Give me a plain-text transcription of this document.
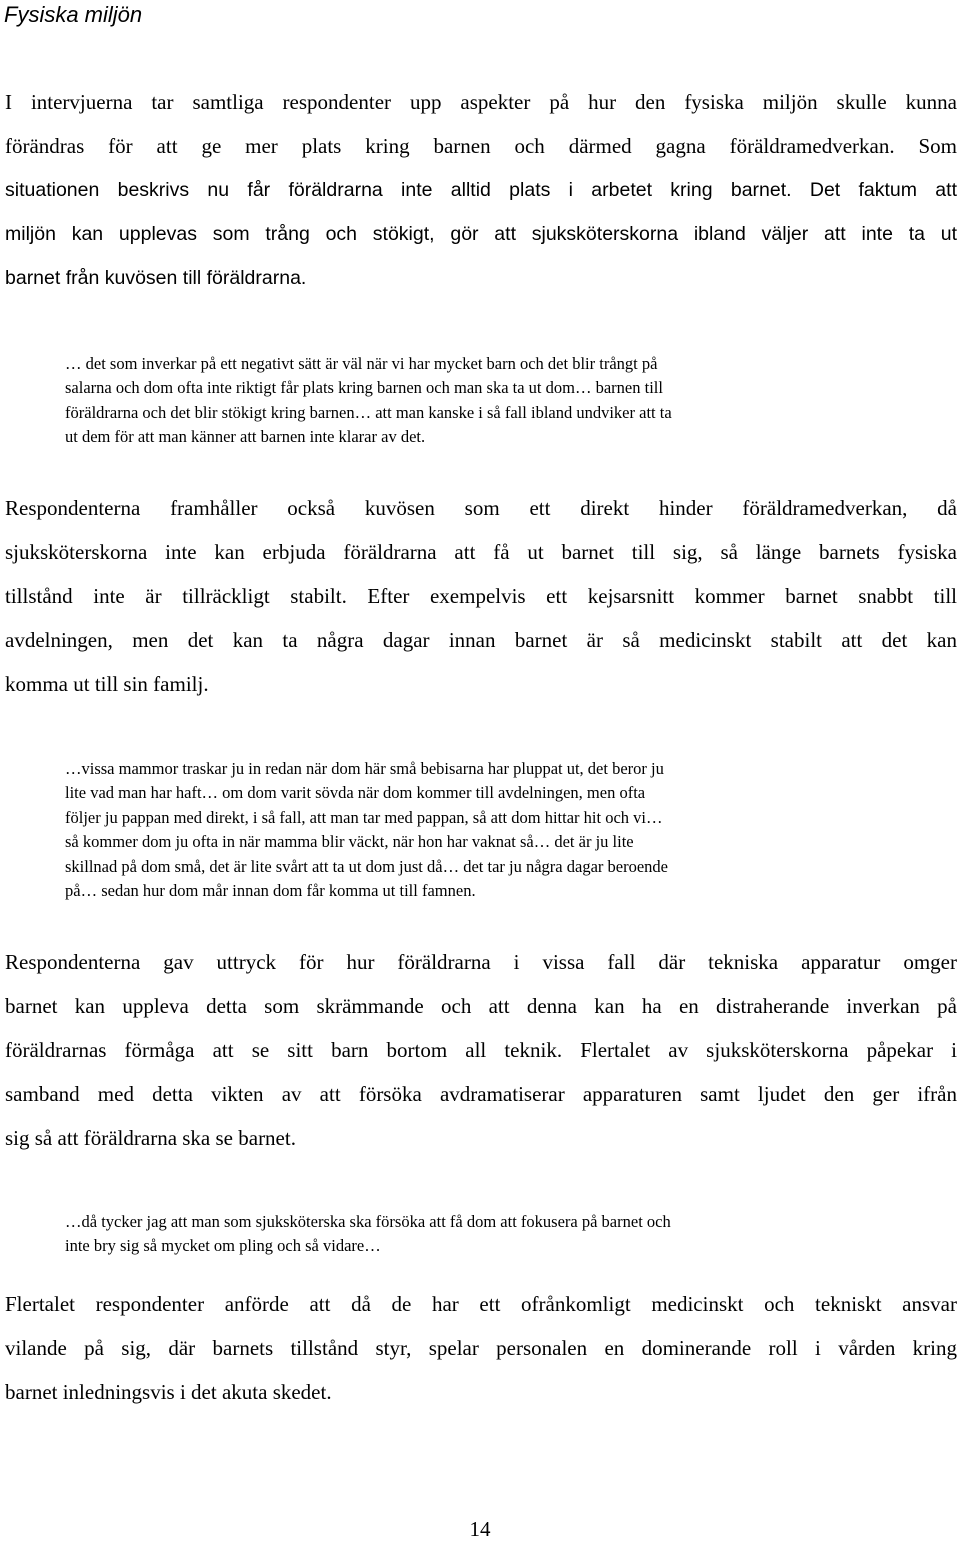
Fysiska miljön
I intervjuerna tar samtliga respondenter upp aspekter på hur den fysiska miljön skulle kunna
förändras för att ge mer plats kring barnen och därmed gagna föräldramedverkan. Som
situationen beskrivs nu får föräldrarna inte alltid plats i arbetet kring barnet. Det faktum att
miljön kan upplevas som trång och stökigt, gör att sjuksköterskorna ibland väljer att inte ta ut
barnet från kuvösen till föräldrarna.
… det som inverkar på ett negativt sätt är väl när vi har mycket barn och det blir trångt på
salarna och dom ofta inte riktigt får plats kring barnen och man ska ta ut dom… barnen till
föräldrarna och det blir stökigt kring barnen… att man kanske i så fall ibland undviker att ta
ut dem för att man känner att barnen inte klarar av det.
Respondenterna framhåller också kuvösen som ett direkt hinder föräldramedverkan, då
sjuksköterskorna inte kan erbjuda föräldrarna att få ut barnet till sig, så länge barnets fysiska
tillstånd inte är tillräckligt stabilt. Efter exempelvis ett kejsarsnitt kommer barnet snabbt till
avdelningen, men det kan ta några dagar innan barnet är så medicinskt stabilt att det kan
komma ut till sin familj.
…vissa mammor traskar ju in redan när dom här små bebisarna har pluppat ut, det beror ju
lite vad man har haft… om dom varit sövda när dom kommer till avdelningen, men ofta
följer ju pappan med direkt, i så fall, att man tar med pappan, så att dom hittar hit och vi…
så kommer dom ju ofta in när mamma blir väckt, när hon har vaknat så… det är ju lite
skillnad på dom små, det är lite svårt att ta ut dom just då… det tar ju några dagar beroende
på… sedan hur dom mår innan dom får komma ut till famnen.
Respondenterna gav uttryck för hur föräldrarna i vissa fall där tekniska apparatur omger
barnet kan uppleva detta som skrämmande och att denna kan ha en distraherande inverkan på
föräldrarnas förmåga att se sitt barn bortom all teknik. Flertalet av sjuksköterskorna påpekar i
samband med detta vikten av att försöka avdramatiserar apparaturen samt ljudet den ger ifrån
sig så att föräldrarna ska se barnet.
…då tycker jag att man som sjuksköterska ska försöka att få dom att fokusera på barnet och
inte bry sig så mycket om pling och så vidare…
Flertalet respondenter anförde att då de har ett ofrånkomligt medicinskt och tekniskt ansvar
vilande på sig, där barnets tillstånd styr, spelar personalen en dominerande roll i vården kring
barnet inledningsvis i det akuta skedet.

14
